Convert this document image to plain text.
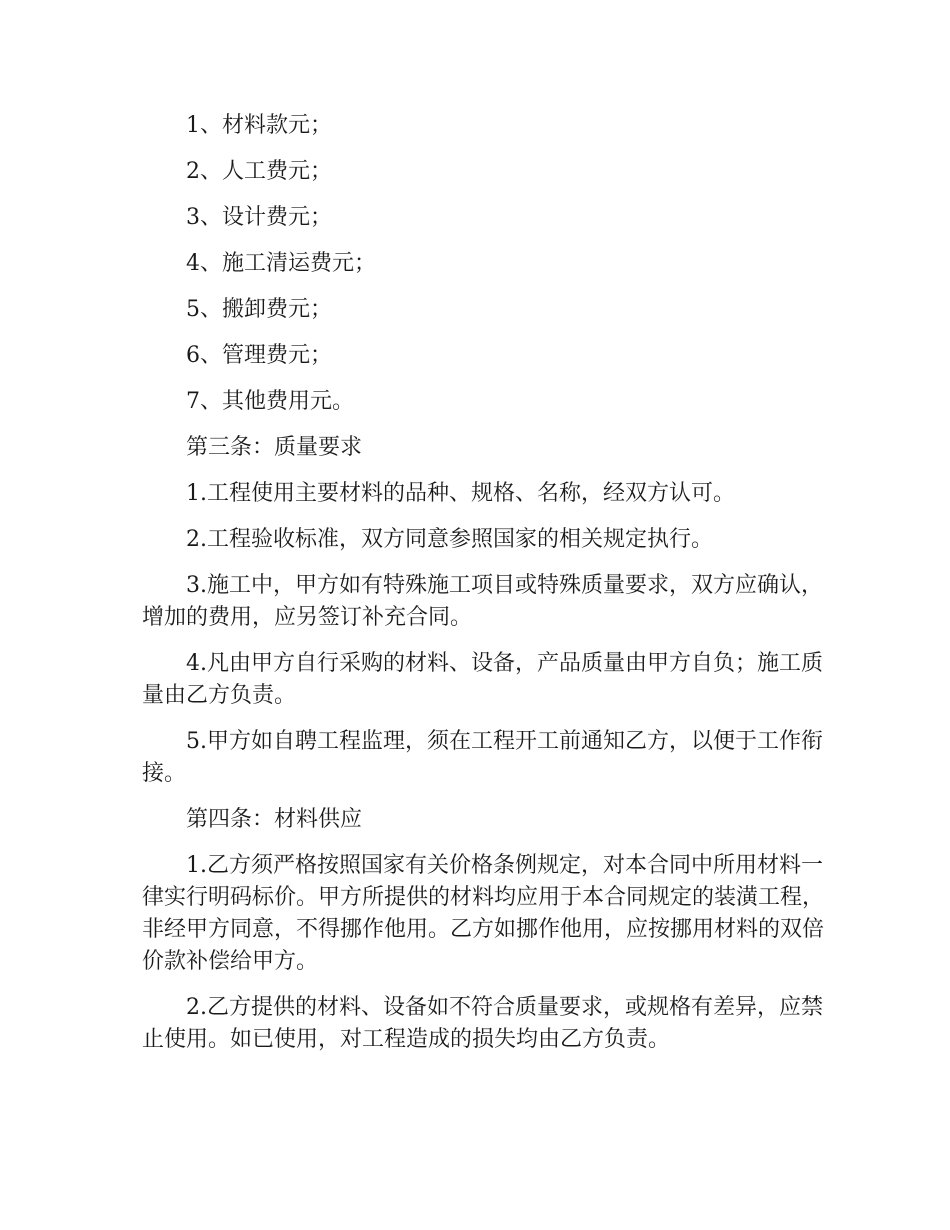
1、材料款元；

2、人工费元；

3、设计费元；

4、施工清运费元；

5、搬卸费元；

6、管理费元；

7、其他费用元。

第三条：质量要求

1.工程使用主要材料的品种、规格、名称，经双方认可。

2.工程验收标准，双方同意参照国家的相关规定执行。

3.施工中，甲方如有特殊施工项目或特殊质量要求，双方应确认，增加的费用，应另签订补充合同。

4.凡由甲方自行采购的材料、设备，产品质量由甲方自负；施工质量由乙方负责。

5.甲方如自聘工程监理，须在工程开工前通知乙方，以便于工作衔接。

第四条：材料供应

1.乙方须严格按照国家有关价格条例规定，对本合同中所用材料一律实行明码标价。甲方所提供的材料均应用于本合同规定的装潢工程，非经甲方同意，不得挪作他用。乙方如挪作他用，应按挪用材料的双倍价款补偿给甲方。

2.乙方提供的材料、设备如不符合质量要求，或规格有差异，应禁止使用。如已使用，对工程造成的损失均由乙方负责。
